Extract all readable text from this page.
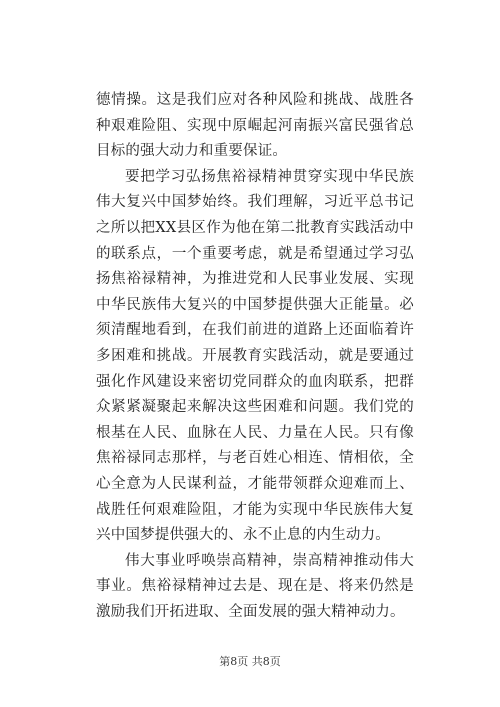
德情操。这是我们应对各种风险和挑战、战胜各种艰难险阻、实现中原崛起河南振兴富民强省总目标的强大动力和重要保证。

要把学习弘扬焦裕禄精神贯穿实现中华民族伟大复兴中国梦始终。我们理解，习近平总书记之所以把XX县区作为他在第二批教育实践活动中的联系点，一个重要考虑，就是希望通过学习弘扬焦裕禄精神，为推进党和人民事业发展、实现中华民族伟大复兴的中国梦提供强大正能量。必须清醒地看到，在我们前进的道路上还面临着许多困难和挑战。开展教育实践活动，就是要通过强化作风建设来密切党同群众的血肉联系，把群众紧紧凝聚起来解决这些困难和问题。我们党的根基在人民、血脉在人民、力量在人民。只有像焦裕禄同志那样，与老百姓心相连、情相依，全心全意为人民谋利益，才能带领群众迎难而上、战胜任何艰难险阻，才能为实现中华民族伟大复兴中国梦提供强大的、永不止息的内生动力。

伟大事业呼唤崇高精神，崇高精神推动伟大事业。焦裕禄精神过去是、现在是、将来仍然是激励我们开拓进取、全面发展的强大精神动力。

第8页 共8页
